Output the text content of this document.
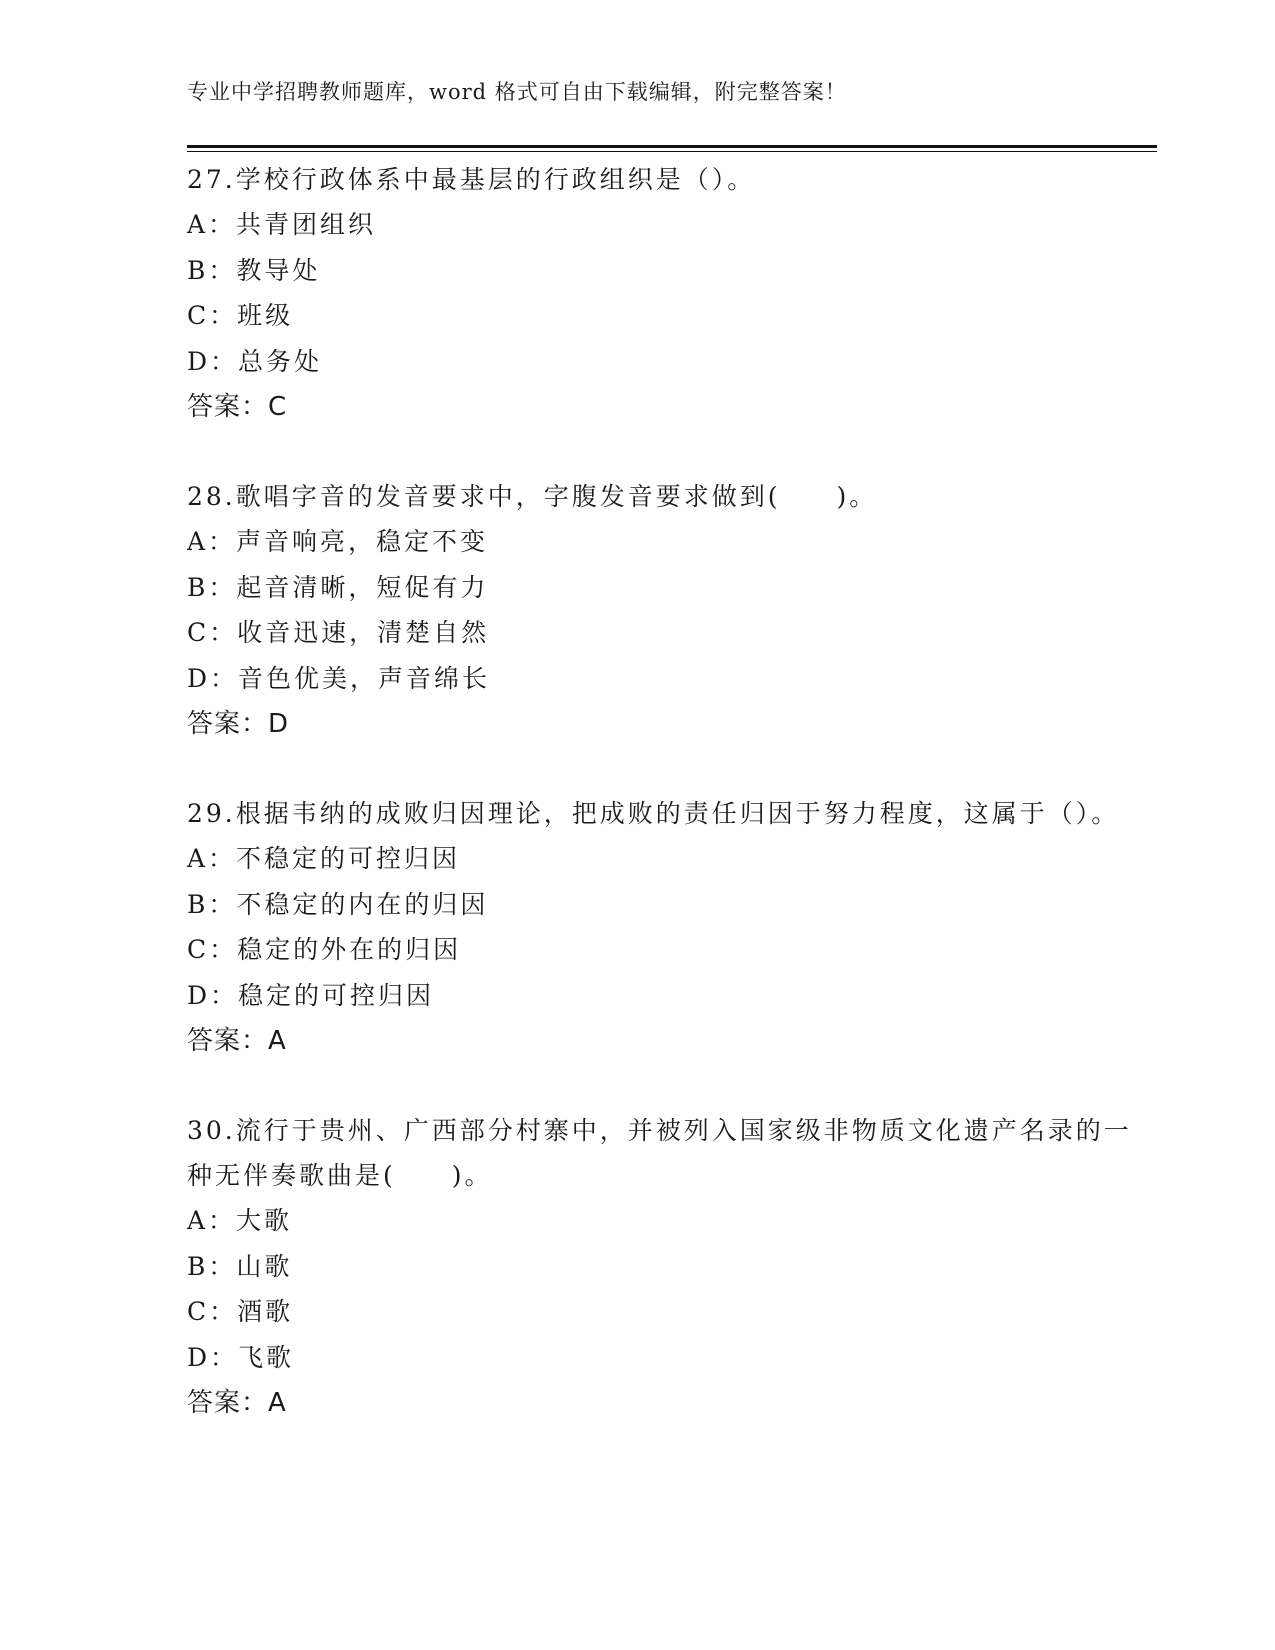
专业中学招聘教师题库，word 格式可自由下载编辑，附完整答案！

27.学校行政体系中最基层的行政组织是（）。

A：共青团组织

B：教导处

C：班级

D：总务处

答案：C

28.歌唱字音的发音要求中，字腹发音要求做到(　　)。

A：声音响亮，稳定不变

B：起音清晰，短促有力

C：收音迅速，清楚自然

D：音色优美，声音绵长

答案：D

29.根据韦纳的成败归因理论，把成败的责任归因于努力程度，这属于（）。

A：不稳定的可控归因

B：不稳定的内在的归因

C：稳定的外在的归因

D：稳定的可控归因

答案：A

30.流行于贵州、广西部分村寨中，并被列入国家级非物质文化遗产名录的一种无伴奏歌曲是(　　)。

A：大歌

B：山歌

C：酒歌

D：飞歌

答案：A
